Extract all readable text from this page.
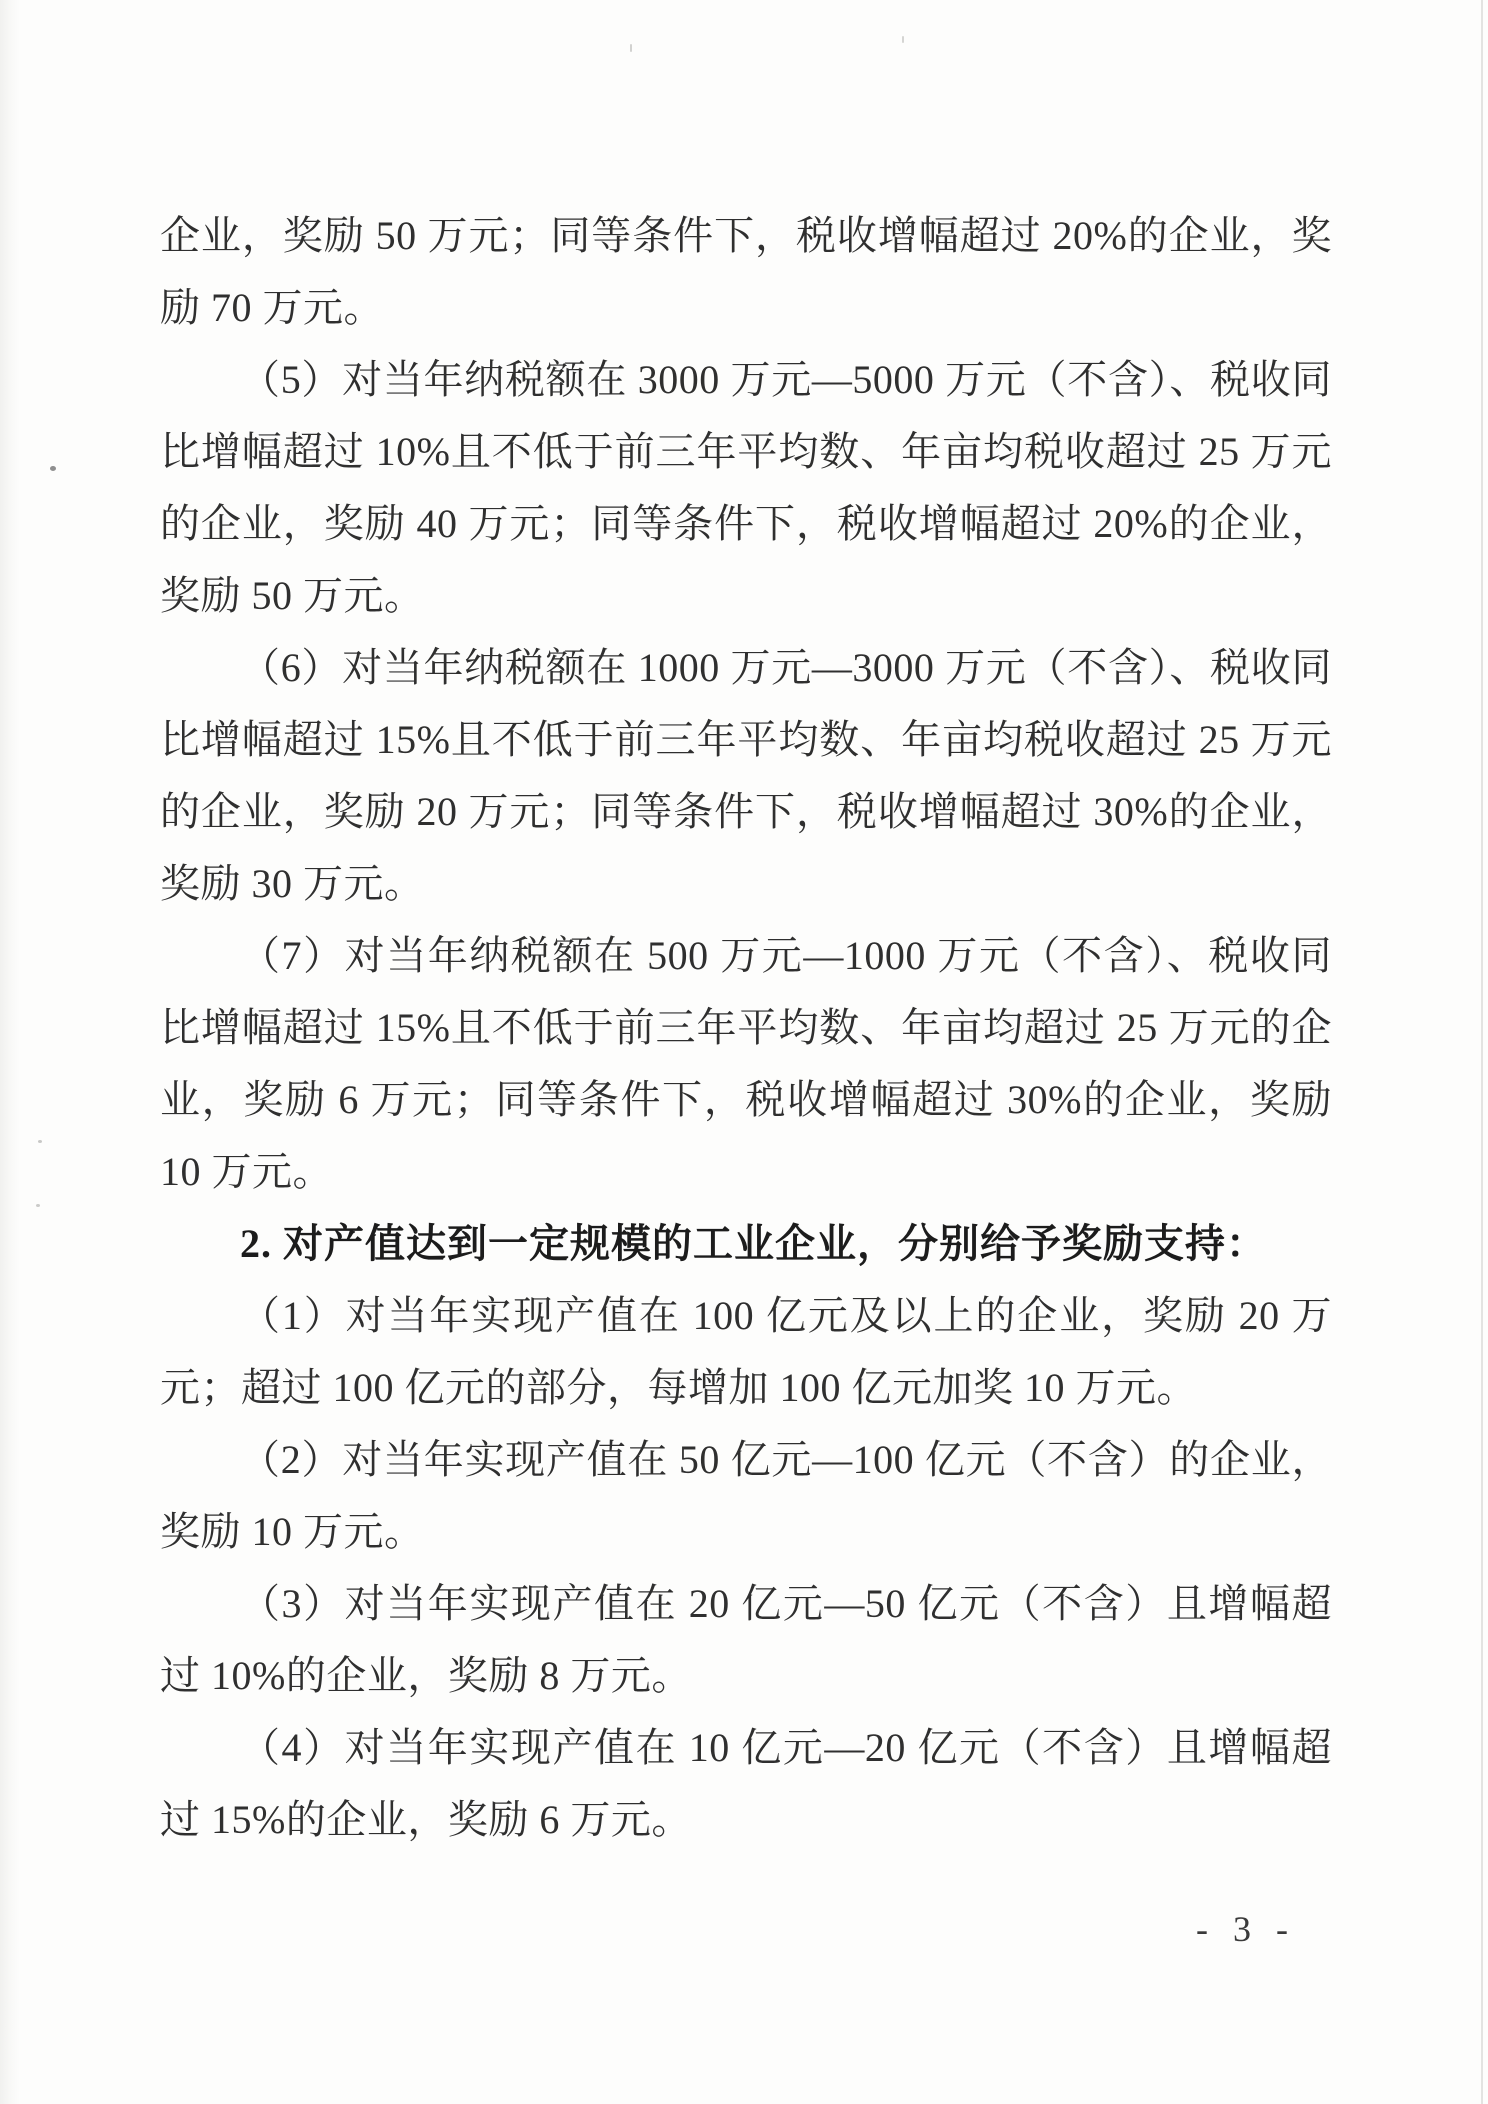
企业，奖励 50 万元；同等条件下，税收增幅超过 20%的企业，奖励 70 万元。

（5）对当年纳税额在 3000 万元—5000 万元（不含）、税收同比增幅超过 10%且不低于前三年平均数、年亩均税收超过 25 万元的企业，奖励 40 万元；同等条件下，税收增幅超过 20%的企业，奖励 50 万元。

（6）对当年纳税额在 1000 万元—3000 万元（不含）、税收同比增幅超过 15%且不低于前三年平均数、年亩均税收超过 25 万元的企业，奖励 20 万元；同等条件下，税收增幅超过 30%的企业，奖励 30 万元。

（7）对当年纳税额在 500 万元—1000 万元（不含）、税收同比增幅超过 15%且不低于前三年平均数、年亩均超过 25 万元的企业，奖励 6 万元；同等条件下，税收增幅超过 30%的企业，奖励 10 万元。

2. 对产值达到一定规模的工业企业，分别给予奖励支持：

（1）对当年实现产值在 100 亿元及以上的企业，奖励 20 万元；超过 100 亿元的部分，每增加 100 亿元加奖 10 万元。

（2）对当年实现产值在 50 亿元—100 亿元（不含）的企业，奖励 10 万元。

（3）对当年实现产值在 20 亿元—50 亿元（不含）且增幅超过 10%的企业，奖励 8 万元。

（4）对当年实现产值在 10 亿元—20 亿元（不含）且增幅超过 15%的企业，奖励 6 万元。

- 3 -
